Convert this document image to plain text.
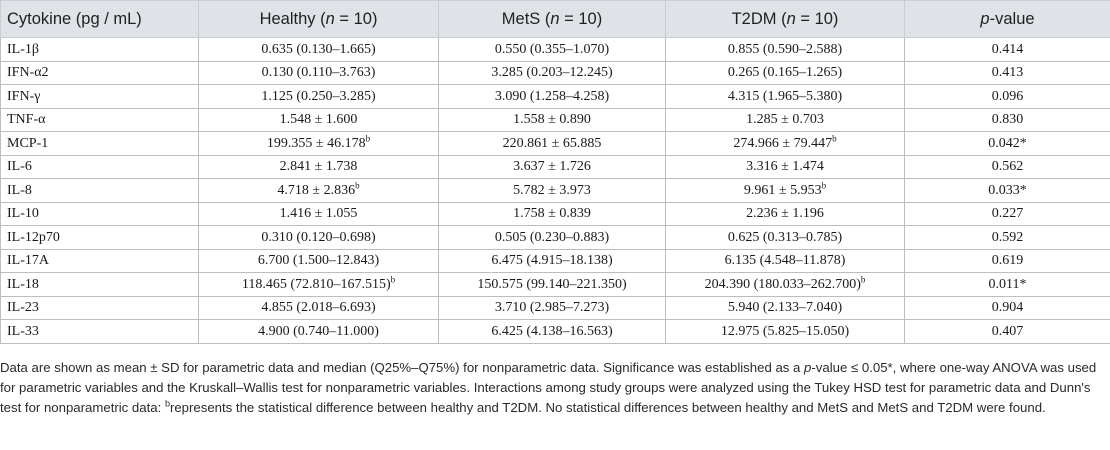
Cytokine (pg / mL)	Healthy (n = 10)	MetS (n = 10)	T2DM (n = 10)	p-value
IL-1β	0.635 (0.130–1.665)	0.550 (0.355–1.070)	0.855 (0.590–2.588)	0.414
IFN-α2	0.130 (0.110–3.763)	3.285 (0.203–12.245)	0.265 (0.165–1.265)	0.413
IFN-γ	1.125 (0.250–3.285)	3.090 (1.258–4.258)	4.315 (1.965–5.380)	0.096
TNF-α	1.548 ± 1.600	1.558 ± 0.890	1.285 ± 0.703	0.830
MCP-1	199.355 ± 46.178$^b$	220.861 ± 65.885	274.966 ± 79.447$^b$	0.042*
IL-6	2.841 ± 1.738	3.637 ± 1.726	3.316 ± 1.474	0.562
IL-8	4.718 ± 2.836$^b$	5.782 ± 3.973	9.961 ± 5.953$^b$	0.033*
IL-10	1.416 ± 1.055	1.758 ± 0.839	2.236 ± 1.196	0.227
IL-12p70	0.310 (0.120–0.698)	0.505 (0.230–0.883)	0.625 (0.313–0.785)	0.592
IL-17A	6.700 (1.500–12.843)	6.475 (4.915–18.138)	6.135 (4.548–11.878)	0.619
IL-18	118.465 $(72.810-167.515)^b$	150.575 (99.140–221.350)	204.390 $(180.033-262.700)^b$	0.011*
IL-23	4.855 (2.018–6.693)	3.710 (2.985–7.273)	5.940 (2.133–7.040)	0.904
IL-33	4.900 (0.740–11.000)	6.425 (4.138–16.563)	12.975 (5.825–15.050)	0.407
Data are shown as mean ± SD for parametric data and median (Q25%–Q75%) for nonparametric data. Significance was established as a p-value ≤ 0.05*, where one-way ANOVA was used for parametric variables and the Kruskall–Wallis test for nonparametric variables. Interactions among study groups were analyzed using the Tukey HSD test for parametric data and Dunn's test for nonparametric data: $^b$represents the statistical difference between healthy and T2DM. No statistical differences between healthy and MetS and MetS and T2DM were found.
